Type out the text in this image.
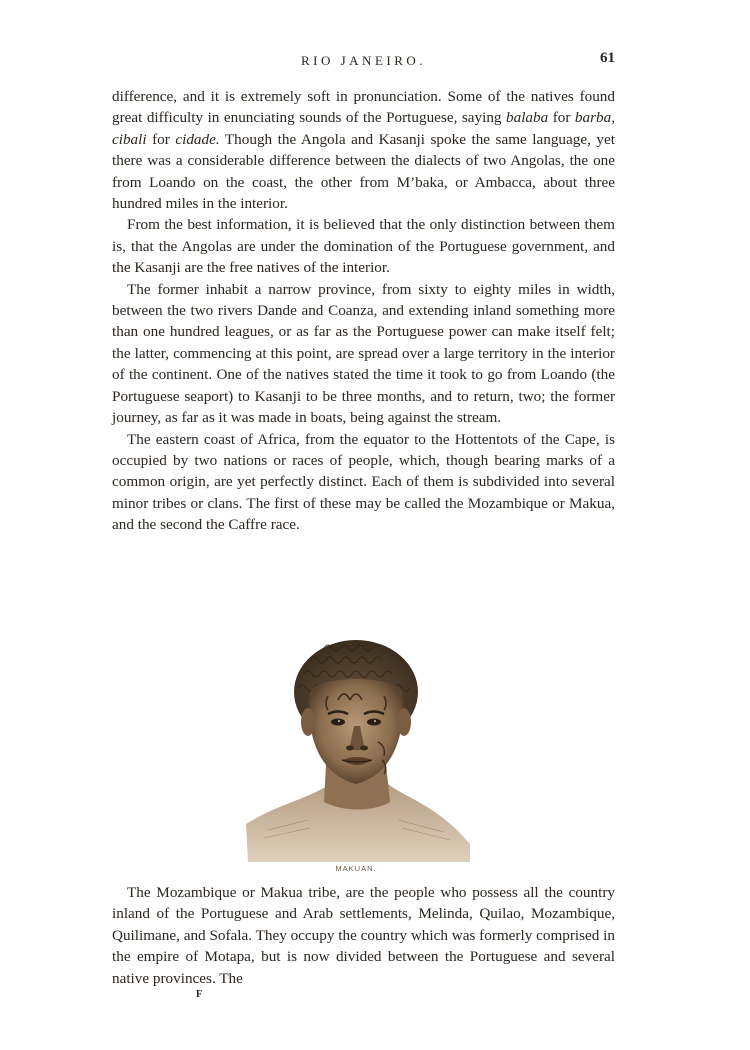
RIO JANEIRO.	61

difference, and it is extremely soft in pronunciation. Some of the natives found great difficulty in enunciating sounds of the Portuguese, saying balaba for barba, cibali for cidade. Though the Angola and Kasanji spoke the same language, yet there was a considerable difference between the dialects of two Angolas, the one from Loando on the coast, the other from M’baka, or Ambacca, about three hundred miles in the interior.

From the best information, it is believed that the only distinction between them is, that the Angolas are under the domination of the Portuguese government, and the Kasanji are the free natives of the interior.

The former inhabit a narrow province, from sixty to eighty miles in width, between the two rivers Dande and Coanza, and extending inland something more than one hundred leagues, or as far as the Portuguese power can make itself felt; the latter, commencing at this point, are spread over a large territory in the interior of the continent. One of the natives stated the time it took to go from Loando (the Portuguese seaport) to Kasanji to be three months, and to return, two; the former journey, as far as it was made in boats, being against the stream.

The eastern coast of Africa, from the equator to the Hottentots of the Cape, is occupied by two nations or races of people, which, though bearing marks of a common origin, are yet perfectly distinct. Each of them is subdivided into several minor tribes or clans. The first of these may be called the Mozambique or Makua, and the second the Caffre race.

MAKUAN.

The Mozambique or Makua tribe, are the people who possess all the country inland of the Portuguese and Arab settlements, Melinda, Quilao, Mozambique, Quilimane, and Sofala. They occupy the country which was formerly comprised in the empire of Motapa, but is now divided between the Portuguese and several native provinces. The

F
